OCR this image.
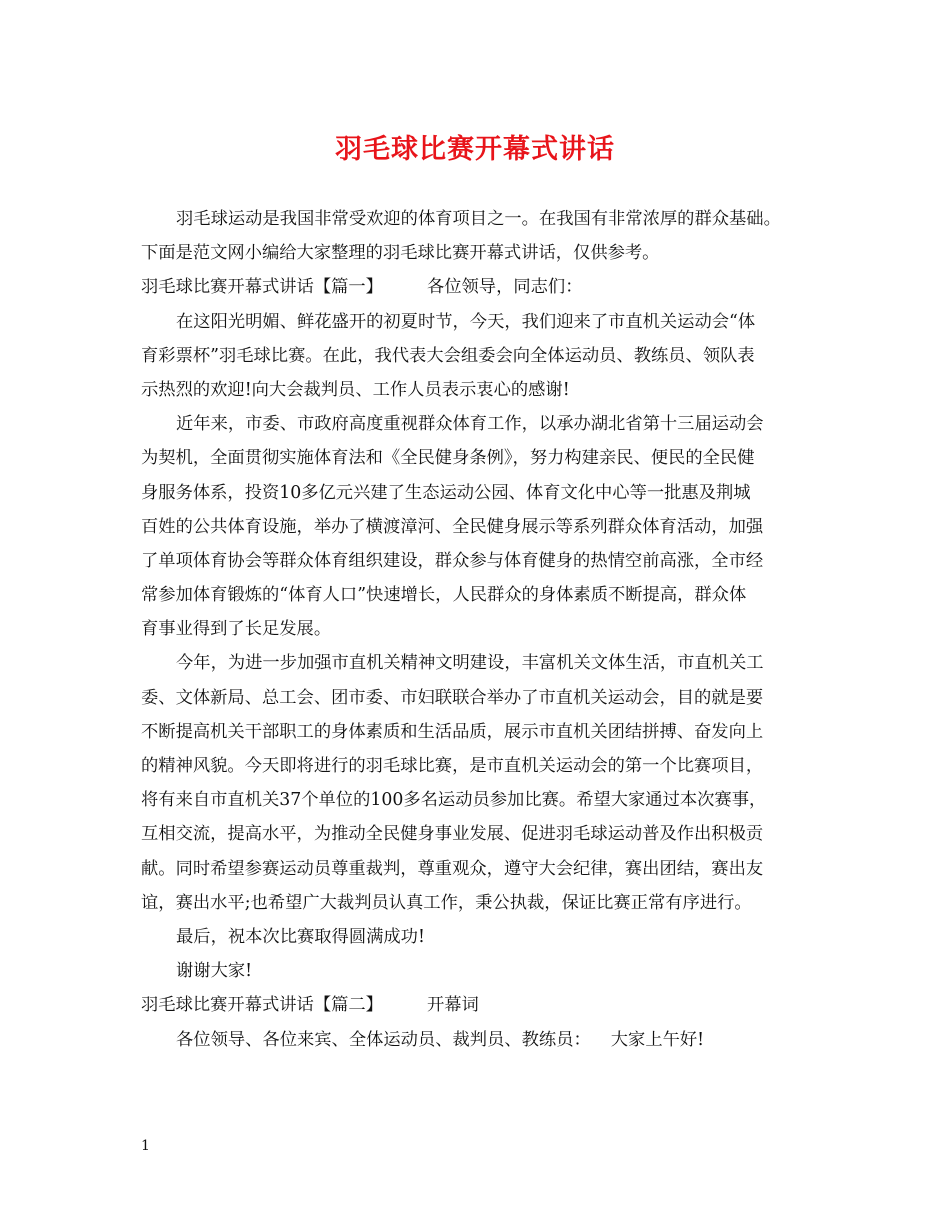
羽毛球比赛开幕式讲话
羽毛球运动是我国非常受欢迎的体育项目之一。在我国有非常浓厚的群众基础。
下面是范文网小编给大家整理的羽毛球比赛开幕式讲话，仅供参考。
羽毛球比赛开幕式讲话【篇一】	各位领导，同志们：
在这阳光明媚、鲜花盛开的初夏时节，今天，我们迎来了市直机关运动会“体
育彩票杯”羽毛球比赛。在此，我代表大会组委会向全体运动员、教练员、领队表
示热烈的欢迎!向大会裁判员、工作人员表示衷心的感谢!
近年来，市委、市政府高度重视群众体育工作，以承办湖北省第十三届运动会
为契机，全面贯彻实施体育法和《全民健身条例》，努力构建亲民、便民的全民健
身服务体系，投资10多亿元兴建了生态运动公园、体育文化中心等一批惠及荆城
百姓的公共体育设施，举办了横渡漳河、全民健身展示等系列群众体育活动，加强
了单项体育协会等群众体育组织建设，群众参与体育健身的热情空前高涨，全市经
常参加体育锻炼的“体育人口”快速增长，人民群众的身体素质不断提高，群众体
育事业得到了长足发展。
今年，为进一步加强市直机关精神文明建设，丰富机关文体生活，市直机关工
委、文体新局、总工会、团市委、市妇联联合举办了市直机关运动会，目的就是要
不断提高机关干部职工的身体素质和生活品质，展示市直机关团结拼搏、奋发向上
的精神风貌。今天即将进行的羽毛球比赛，是市直机关运动会的第一个比赛项目，
将有来自市直机关37个单位的100多名运动员参加比赛。希望大家通过本次赛事，
互相交流，提高水平，为推动全民健身事业发展、促进羽毛球运动普及作出积极贡
献。同时希望参赛运动员尊重裁判，尊重观众，遵守大会纪律，赛出团结，赛出友
谊，赛出水平;也希望广大裁判员认真工作，秉公执裁，保证比赛正常有序进行。
最后，祝本次比赛取得圆满成功!
谢谢大家!
羽毛球比赛开幕式讲话【篇二】	开幕词
各位领导、各位来宾、全体运动员、裁判员、教练员： 大家上午好!
1
